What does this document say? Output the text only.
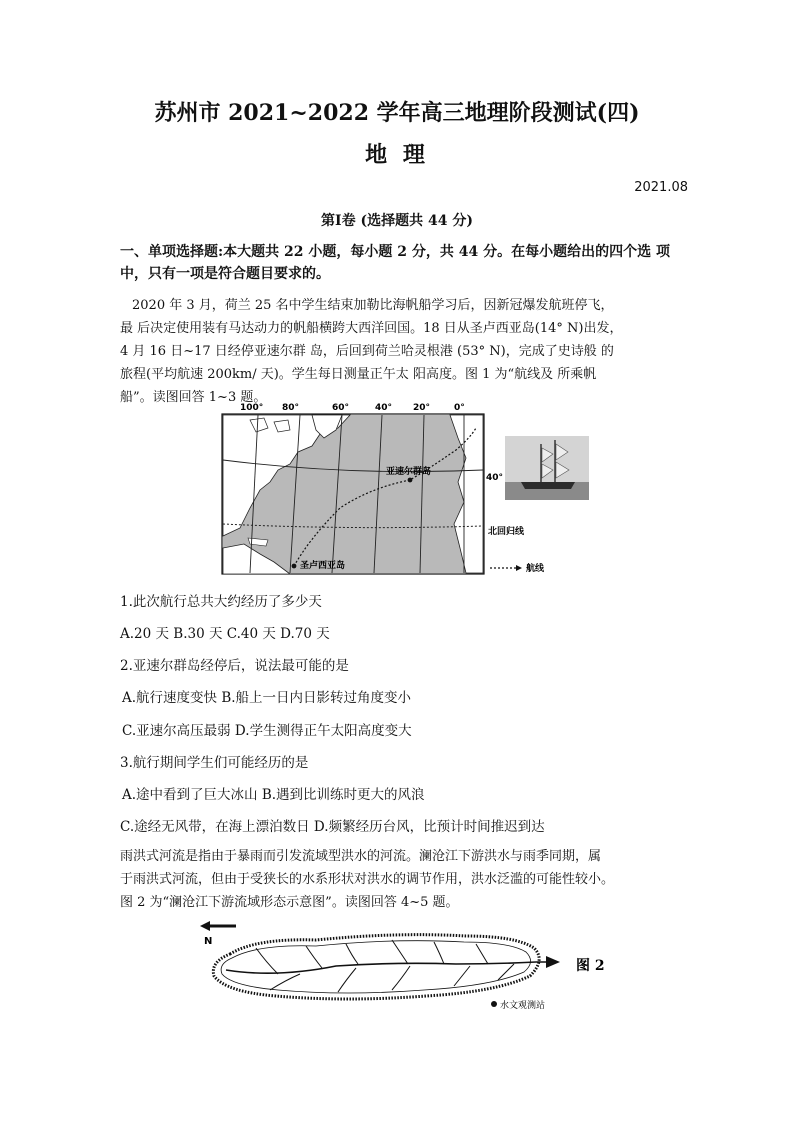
苏州市 2021~2022 学年高三地理阶段测试(四)
地 理
2021.08
第Ⅰ卷 (选择题共 44 分)
一、单项选择题:本大题共 22 小题，每小题 2 分，共 44 分。在每小题给出的四个选 项中，只有一项是符合题目要求的。
2020 年 3 月，荷兰 25 名中学生结束加勒比海帆船学习后，因新冠爆发航班停飞，
最 后决定使用装有马达动力的帆船横跨大西洋回国。18 日从圣卢西亚岛(14° N)出发，
4 月 16 日~17 日经停亚速尔群 岛，后回到荷兰哈灵根港 (53° N)，完成了史诗般 的
旅程(平均航速 200km/ 天)。学生每日测量正午太 阳高度。图 1 为“航线及 所乘帆
船”。读图回答 1~3 题。
100° 80°	60°	40° 20°	0°
亚速尔群岛
圣卢西亚岛
北回归线
40°
航线
1.此次航行总共大约经历了多少天
A.20 天 B.30 天 C.40 天 D.70 天
2.亚速尔群岛经停后，说法最可能的是
A.航行速度变快 B.船上一日内日影转过角度变小
C.亚速尔高压最弱 D.学生测得正午太阳高度变大
3.航行期间学生们可能经历的是
A.途中看到了巨大冰山 B.遇到比训练时更大的风浪
C.途经无风带，在海上漂泊数日 D.频繁经历台风，比预计时间推迟到达
雨洪式河流是指由于暴雨而引发流域型洪水的河流。澜沧江下游洪水与雨季同期，属
于雨洪式河流，但由于受狭长的水系形状对洪水的调节作用，洪水泛滥的可能性较小。
图 2 为“澜沧江下游流域形态示意图”。读图回答 4~5 题。
N
水文观测站
图 2
